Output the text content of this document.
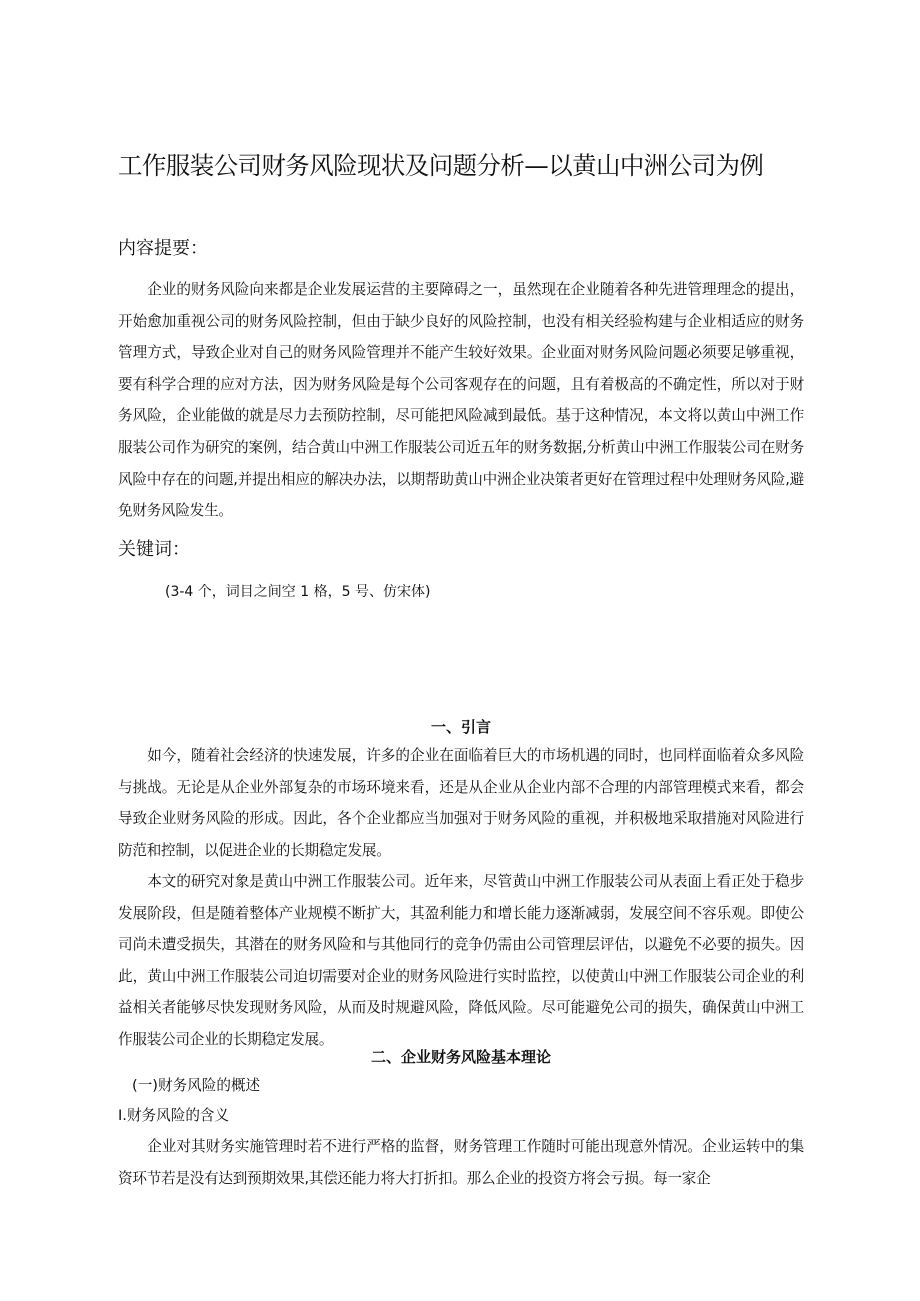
工作服装公司财务风险现状及问题分析—以黄山中洲公司为例
内容提要：

企业的财务风险向来都是企业发展运营的主要障碍之一，虽然现在企业随着各种先进管理理念的提出，开始愈加重视公司的财务风险控制，但由于缺少良好的风险控制，也没有相关经验构建与企业相适应的财务管理方式，导致企业对自己的财务风险管理并不能产生较好效果。企业面对财务风险问题必须要足够重视，要有科学合理的应对方法，因为财务风险是每个公司客观存在的问题，且有着极高的不确定性，所以对于财务风险，企业能做的就是尽力去预防控制，尽可能把风险减到最低。基于这种情况，本文将以黄山中洲工作服装公司作为研究的案例，结合黄山中洲工作服装公司近五年的财务数据,分析黄山中洲工作服装公司在财务风险中存在的问题,并提出相应的解决办法，以期帮助黄山中洲企业决策者更好在管理过程中处理财务风险,避免财务风险发生。

关键词：
(3-4 个，词目之间空 1 格，5 号、仿宋体)
一、引言

如今，随着社会经济的快速发展，许多的企业在面临着巨大的市场机遇的同时，也同样面临着众多风险与挑战。无论是从企业外部复杂的市场环境来看，还是从企业从企业内部不合理的内部管理模式来看，都会导致企业财务风险的形成。因此，各个企业都应当加强对于财务风险的重视，并积极地采取措施对风险进行防范和控制，以促进企业的长期稳定发展。

本文的研究对象是黄山中洲工作服装公司。近年来，尽管黄山中洲工作服装公司从表面上看正处于稳步发展阶段，但是随着整体产业规模不断扩大，其盈利能力和增长能力逐渐减弱，发展空间不容乐观。即使公司尚未遭受损失，其潜在的财务风险和与其他同行的竞争仍需由公司管理层评估，以避免不必要的损失。因此，黄山中洲工作服装公司迫切需要对企业的财务风险进行实时监控，以使黄山中洲工作服装公司企业的利益相关者能够尽快发现财务风险，从而及时规避风险，降低风险。尽可能避免公司的损失，确保黄山中洲工作服装公司企业的长期稳定发展。

二、企业财务风险基本理论
(一)财务风险的概述
I.财务风险的含义

企业对其财务实施管理时若不进行严格的监督，财务管理工作随时可能出现意外情况。企业运转中的集资环节若是没有达到预期效果,其偿还能力将大打折扣。那么企业的投资方将会亏损。每一家企
